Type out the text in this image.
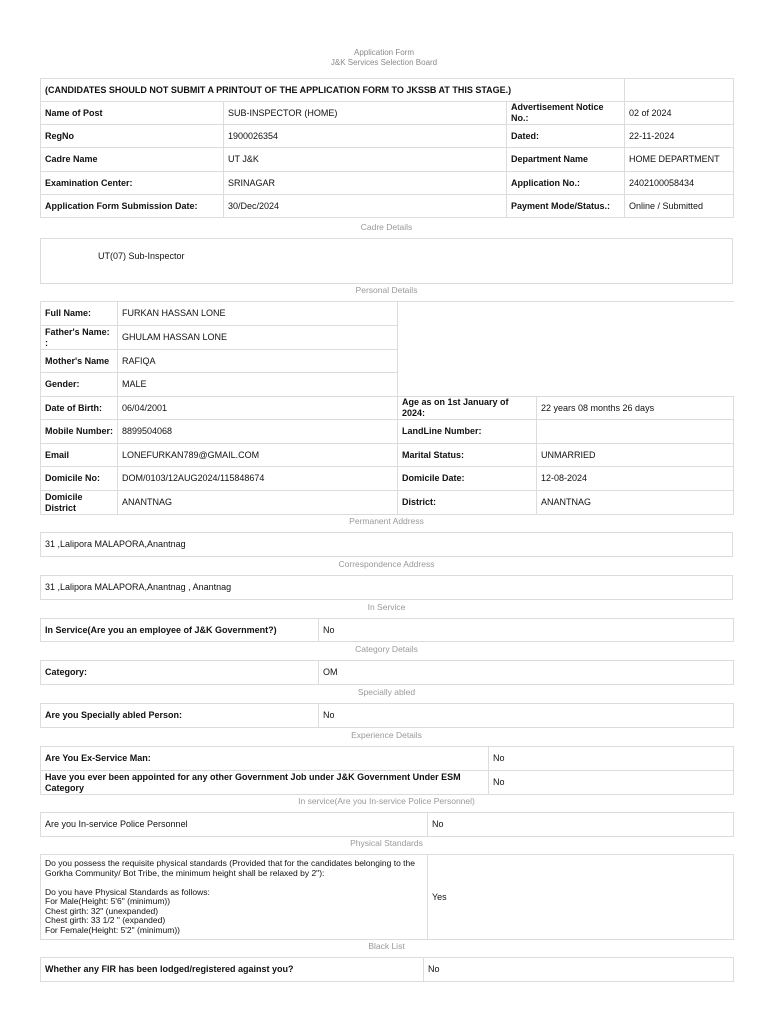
Application Form
J&K Services Selection Board
(CANDIDATES SHOULD NOT SUBMIT A PRINTOUT OF THE APPLICATION FORM TO JKSSB AT THIS STAGE.)			
Name of Post	SUB-INSPECTOR (HOME)	Advertisement Notice No.:	02 of 2024
RegNo	1900026354	Dated:	22-11-2024
Cadre Name	UT J&K	Department Name	HOME DEPARTMENT
Examination Center:	SRINAGAR	Application No.:	2402100058434
Application Form Submission Date:	30/Dec/2024	Payment Mode/Status.:	Online / Submitted
Cadre Details
UT(07) Sub-Inspector
Personal Details
Full Name:	FURKAN HASSAN LONE		
Father's Name: :	GHULAM HASSAN LONE		
Mother's Name	RAFIQA		
Gender:	MALE		
Date of Birth:	06/04/2001	Age as on 1st January of 2024:	22 years 08 months 26 days
Mobile Number:	8899504068	LandLine Number:	
Email	LONEFURKAN789@GMAIL.COM	Marital Status:	UNMARRIED
Domicile No:	DOM/0103/12AUG2024/115848674	Domicile Date:	12-08-2024
Domicile District	ANANTNAG	District:	ANANTNAG
Permanent Address
31 ,Lalipora MALAPORA,Anantnag
Correspondence Address
31 ,Lalipora MALAPORA,Anantnag , Anantnag
In Service
In Service(Are you an employee of J&K Government?)	No
Category Details
Category:	OM
Specially abled
Are you Specially abled Person:	No
Experience Details
Are You Ex-Service Man:	No
Have you ever been appointed for any other Government Job under J&K Government Under ESM Category	No
In service(Are you In-service Police Personnel)
Are you In-service Police Personnel	No
Physical Standards
Do you possess the requisite physical standards (Provided that for the candidates belonging to the Gorkha Community/ Bot Tribe, the minimum height shall be relaxed by 2"):

Do you have Physical Standards as follows:
For Male(Height: 5'6" (minimum))
Chest girth: 32" (unexpanded)
Chest girth: 33 1/2 " (expanded)
For Female(Height: 5'2" (minimum))	Yes
Black List
Whether any FIR has been lodged/registered against you?	No
